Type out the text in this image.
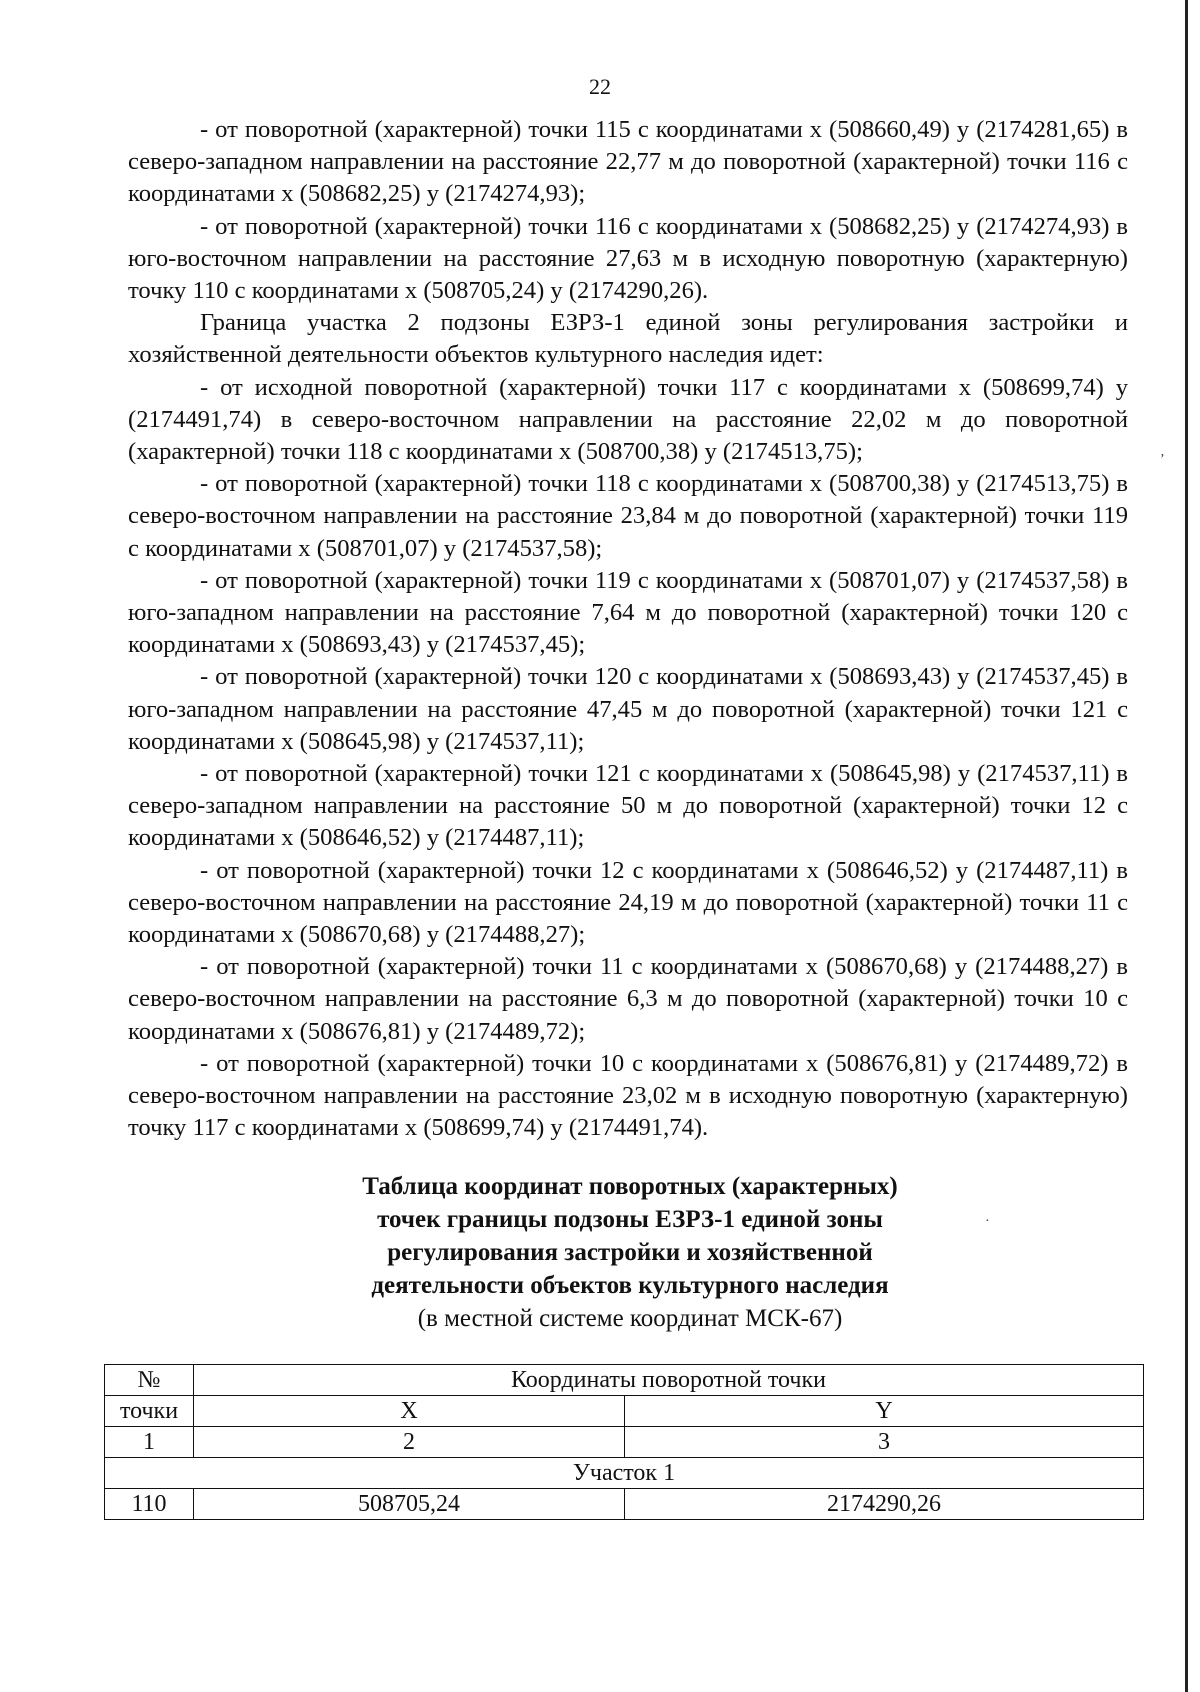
22

- от поворотной (характерной) точки 115 с координатами х (508660,49) у (2174281,65) в северо-западном направлении на расстояние 22,77 м до поворотной (характерной) точки 116 с координатами х (508682,25) у (2174274,93);

- от поворотной (характерной) точки 116 с координатами х (508682,25) у (2174274,93) в юго-восточном направлении на расстояние 27,63 м в исходную поворотную (характерную) точку 110 с координатами х (508705,24) у (2174290,26).

Граница участка 2 подзоны ЕЗРЗ-1 единой зоны регулирования застройки и хозяйственной деятельности объектов культурного наследия идет:

- от исходной поворотной (характерной) точки 117 с координатами х (508699,74) у (2174491,74) в северо-восточном направлении на расстояние 22,02 м до поворотной (характерной) точки 118 с координатами х (508700,38) у (2174513,75);

- от поворотной (характерной) точки 118 с координатами х (508700,38) у (2174513,75) в северо-восточном направлении на расстояние 23,84 м до поворотной (характерной) точки 119 с координатами х (508701,07) у (2174537,58);

- от поворотной (характерной) точки 119 с координатами х (508701,07) у (2174537,58) в юго-западном направлении на расстояние 7,64 м до поворотной (характерной) точки 120 с координатами х (508693,43) у (2174537,45);

- от поворотной (характерной) точки 120 с координатами х (508693,43) у (2174537,45) в юго-западном направлении на расстояние 47,45 м до поворотной (характерной) точки 121 с координатами х (508645,98) у (2174537,11);

- от поворотной (характерной) точки 121 с координатами х (508645,98) у (2174537,11) в северо-западном направлении на расстояние 50 м до поворотной (характерной) точки 12 с координатами х (508646,52) у (2174487,11);

- от поворотной (характерной) точки 12 с координатами х (508646,52) у (2174487,11) в северо-восточном направлении на расстояние 24,19 м до поворотной (характерной) точки 11 с координатами х (508670,68) у (2174488,27);

- от поворотной (характерной) точки 11 с координатами х (508670,68) у (2174488,27) в северо-восточном направлении на расстояние 6,3 м до поворотной (характерной) точки 10 с координатами х (508676,81) у (2174489,72);

- от поворотной (характерной) точки 10 с координатами х (508676,81) у (2174489,72) в северо-восточном направлении на расстояние 23,02 м в исходную поворотную (характерную) точку 117 с координатами х (508699,74) у (2174491,74).

Таблица координат поворотных (характерных)
точек границы подзоны ЕЗРЗ-1 единой зоны
регулирования застройки и хозяйственной
деятельности объектов культурного наследия
(в местной системе координат МСК-67)
№	Координаты поворотной точки	
точки	X	Y
1	2	3
Участок 1		
110	508705,24	2174290,26
’
·
